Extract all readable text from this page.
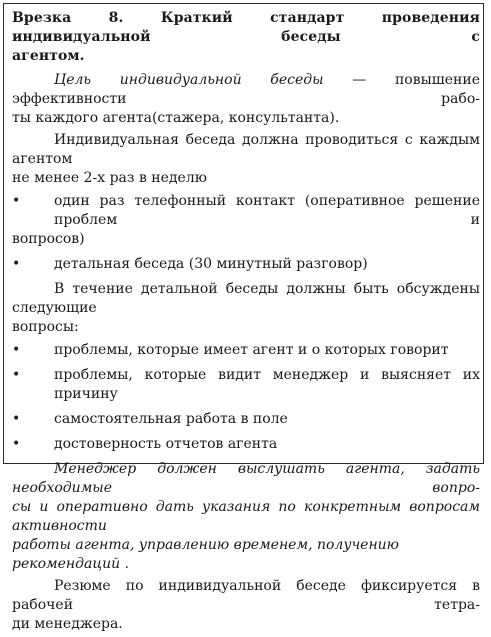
Врезка 8. Краткий стандарт проведения индивидуальной беседы с
агентом.
Цель индивидуальной беседы — повышение эффективности рабо-
ты каждого агента(стажера, консультанта).
Индивидуальная беседа должна проводиться с каждым агентом
не менее 2-х раз в неделю
• один раз телефонный контакт (оперативное решение проблем и
вопросов)
• детальная беседа (30 минутный разговор)
В течение детальной беседы должны быть обсуждены следующие
вопросы:
• проблемы, которые имеет агент и о которых говорит
• проблемы, которые видит менеджер и выясняет их причину
• самостоятельная работа в поле
• достоверность отчетов агента
Менеджер должен выслушать агента, задать необходимые вопро-
сы и оперативно дать указания по конкретным вопросам активности
работы агента, управлению временем, получению рекомендаций .
Резюме по индивидуальной беседе фиксируется в рабочей тетра-
ди менеджера.
